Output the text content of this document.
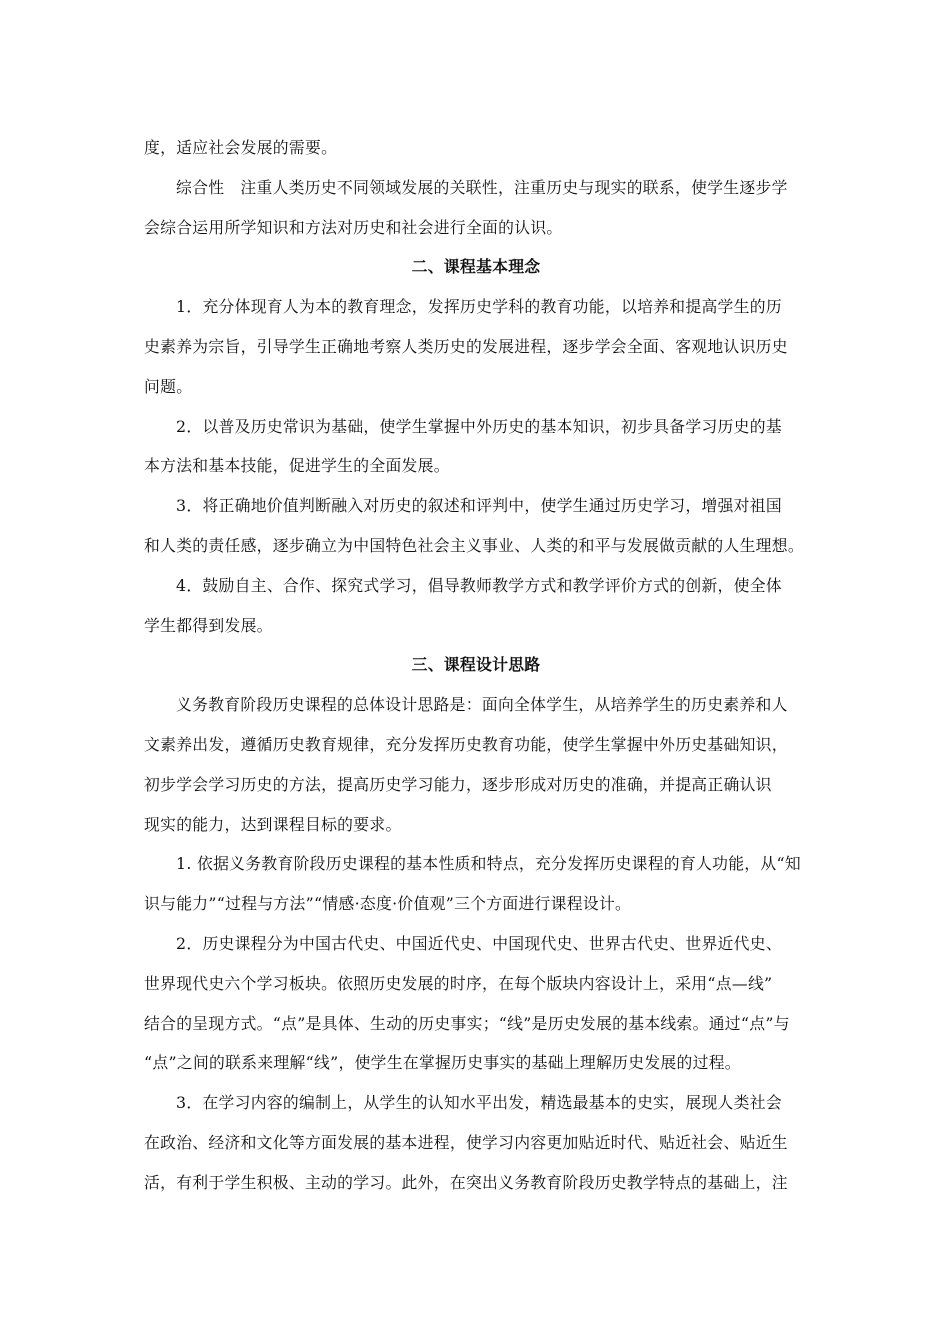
度，适应社会发展的需要。
综合性　注重人类历史不同领域发展的关联性，注重历史与现实的联系，使学生逐步学
会综合运用所学知识和方法对历史和社会进行全面的认识。
二、课程基本理念
1．充分体现育人为本的教育理念，发挥历史学科的教育功能，以培养和提高学生的历
史素养为宗旨，引导学生正确地考察人类历史的发展进程，逐步学会全面、客观地认识历史
问题。
2．以普及历史常识为基础，使学生掌握中外历史的基本知识，初步具备学习历史的基
本方法和基本技能，促进学生的全面发展。
3．将正确地价值判断融入对历史的叙述和评判中，使学生通过历史学习，增强对祖国
和人类的责任感，逐步确立为中国特色社会主义事业、人类的和平与发展做贡献的人生理想。
4．鼓励自主、合作、探究式学习，倡导教师教学方式和教学评价方式的创新，使全体
学生都得到发展。
三、课程设计思路
义务教育阶段历史课程的总体设计思路是：面向全体学生，从培养学生的历史素养和人
文素养出发，遵循历史教育规律，充分发挥历史教育功能，使学生掌握中外历史基础知识，
初步学会学习历史的方法，提高历史学习能力，逐步形成对历史的准确，并提高正确认识
现实的能力，达到课程目标的要求。
1. 依据义务教育阶段历史课程的基本性质和特点，充分发挥历史课程的育人功能，从“知
识与能力”“过程与方法”“情感·态度·价值观”三个方面进行课程设计。
2．历史课程分为中国古代史、中国近代史、中国现代史、世界古代史、世界近代史、
世界现代史六个学习板块。依照历史发展的时序，在每个版块内容设计上，采用“点—线”
结合的呈现方式。“点”是具体、生动的历史事实；“线”是历史发展的基本线索。通过“点”与
“点”之间的联系来理解“线”，使学生在掌握历史事实的基础上理解历史发展的过程。
3．在学习内容的编制上，从学生的认知水平出发，精选最基本的史实，展现人类社会
在政治、经济和文化等方面发展的基本进程，使学习内容更加贴近时代、贴近社会、贴近生
活，有利于学生积极、主动的学习。此外，在突出义务教育阶段历史教学特点的基础上，注
